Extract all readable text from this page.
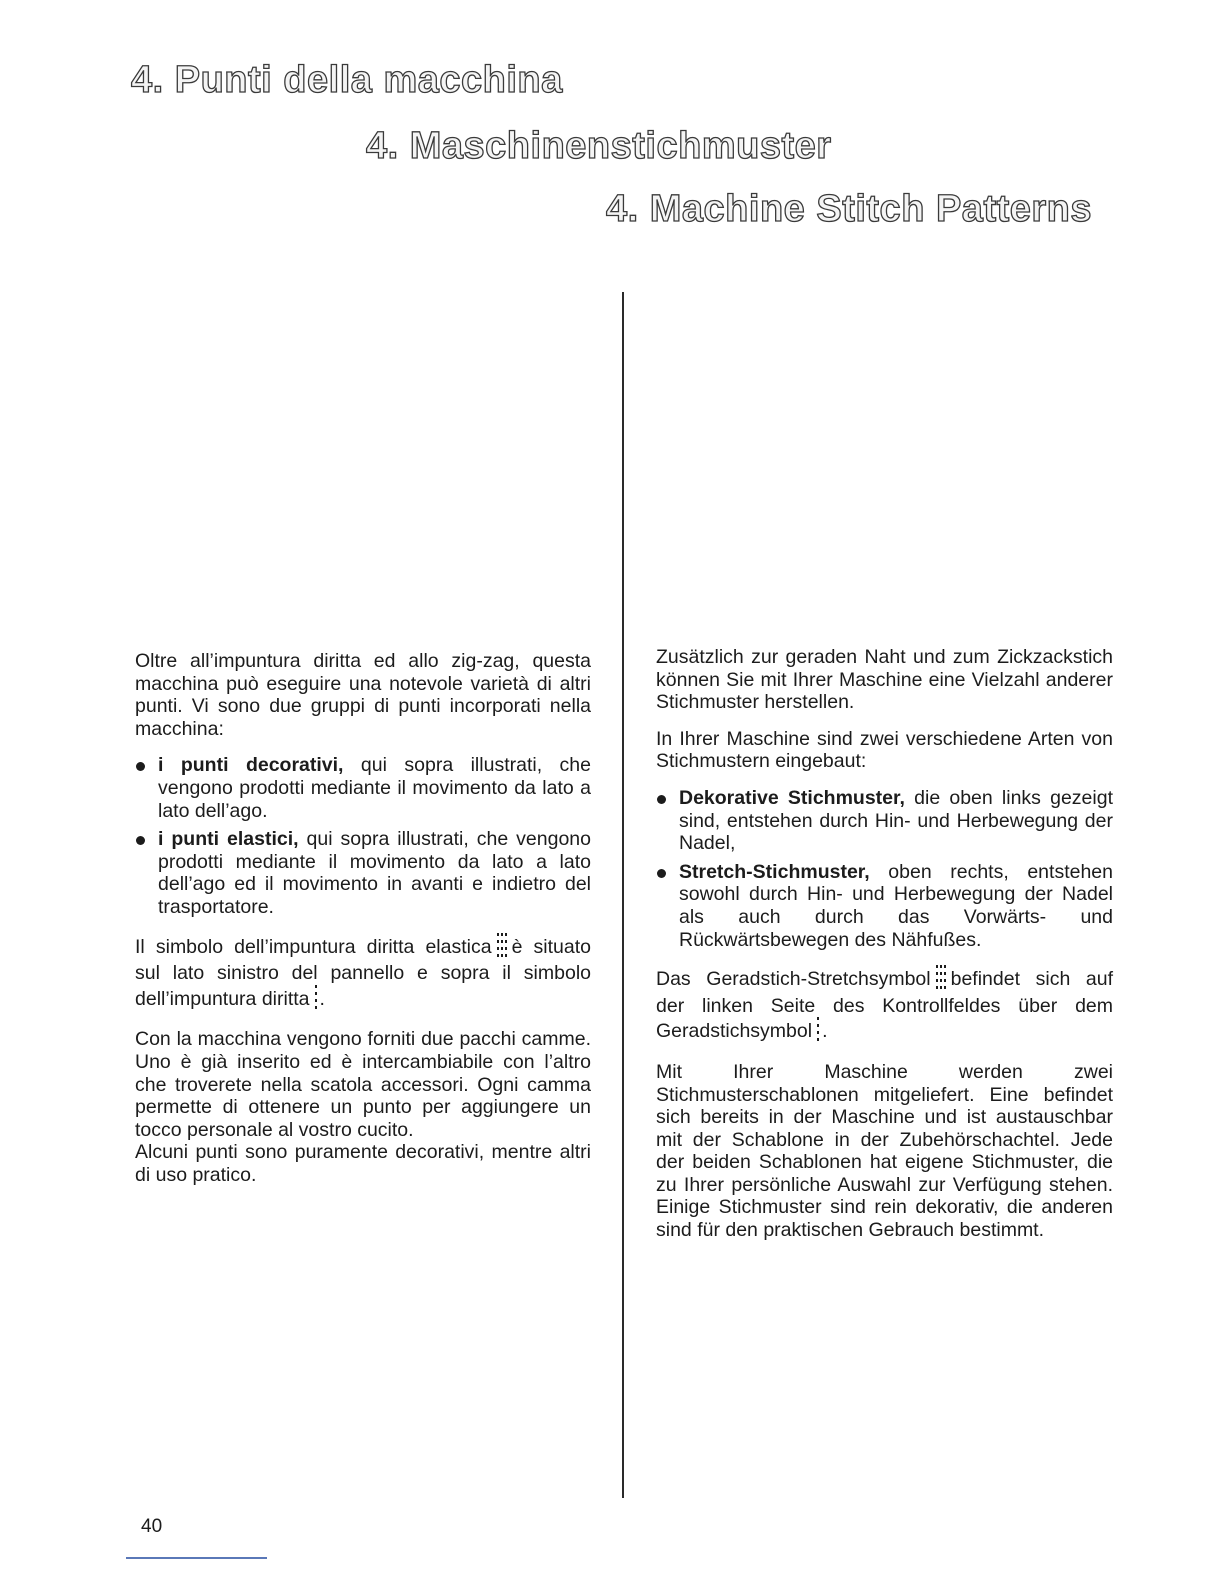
4. Punti della macchina
4. Maschinenstichmuster
4. Machine Stitch Patterns

Oltre all’impuntura diritta ed allo zig-zag, questa macchina può eseguire una notevole varietà di altri punti. Vi sono due gruppi di punti incorporati nella macchina:

i punti decorativi, qui sopra illustrati, che vengono prodotti mediante il movimento da lato a lato dell’ago.

i punti elastici, qui sopra illustrati, che vengono prodotti mediante il movimento da lato a lato dell’ago ed il movimento in avanti e indietro del trasportatore.

Il simbolo dell’impuntura diritta elastica è situato sul lato sinistro del pannello e sopra il simbolo dell’impuntura diritta .

Con la macchina vengono forniti due pacchi camme. Uno è già inserito ed è intercambiabile con l’altro che troverete nella scatola accessori. Ogni camma permette di ottenere un punto per aggiungere un tocco personale al vostro cucito.

Alcuni punti sono puramente decorativi, mentre altri di uso pratico.

Zusätzlich zur geraden Naht und zum Zickzackstich können Sie mit Ihrer Maschine eine Vielzahl anderer Stichmuster herstellen.

In Ihrer Maschine sind zwei verschiedene Arten von Stichmustern eingebaut:

Dekorative Stichmuster, die oben links gezeigt sind, entstehen durch Hin- und Herbewegung der Nadel,

Stretch-Stichmuster, oben rechts, entstehen sowohl durch Hin- und Herbewegung der Nadel als auch durch das Vorwärts- und Rückwärtsbewegen des Nähfußes.

Das Geradstich-Stretchsymbol befindet sich auf der linken Seite des Kontrollfeldes über dem Geradstichsymbol .

Mit Ihrer Maschine werden zwei Stichmusterschablonen mitgeliefert. Eine befindet sich bereits in der Maschine und ist austauschbar mit der Schablone in der Zubehörschachtel. Jede der beiden Schablonen hat eigene Stichmuster, die zu Ihrer persönliche Auswahl zur Verfügung stehen. Einige Stichmuster sind rein dekorativ, die anderen sind für den praktischen Gebrauch bestimmt.

40
